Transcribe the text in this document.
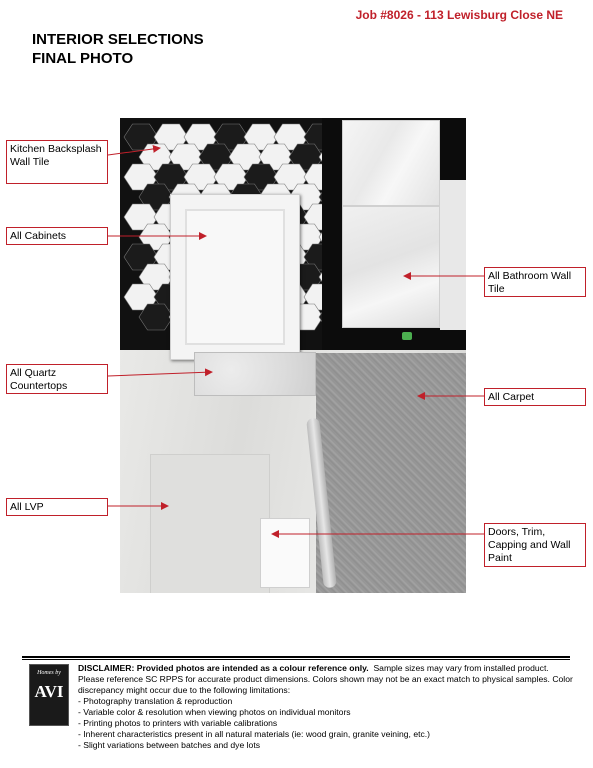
Job #8026 - 113 Lewisburg Close NE
INTERIOR SELECTIONS
FINAL PHOTO
Kitchen Backsplash Wall Tile
All Cabinets
All Bathroom Wall Tile
All Quartz Countertops
All Carpet
All LVP
Doors, Trim, Capping and Wall Paint
Homes by
AVI
DISCLAIMER: Provided photos are intended as a colour reference only. Sample sizes may vary from installed product. Please reference SC RPPS for accurate product dimensions. Colors shown may not be an exact match to physical samples. Color discrepancy might occur due to the following limitations:
- Photography translation & reproduction
- Variable color & resolution when viewing photos on individual monitors
- Printing photos to printers with variable calibrations
- Inherent characteristics present in all natural materials (ie: wood grain, granite veining, etc.)
- Slight variations between batches and dye lots
